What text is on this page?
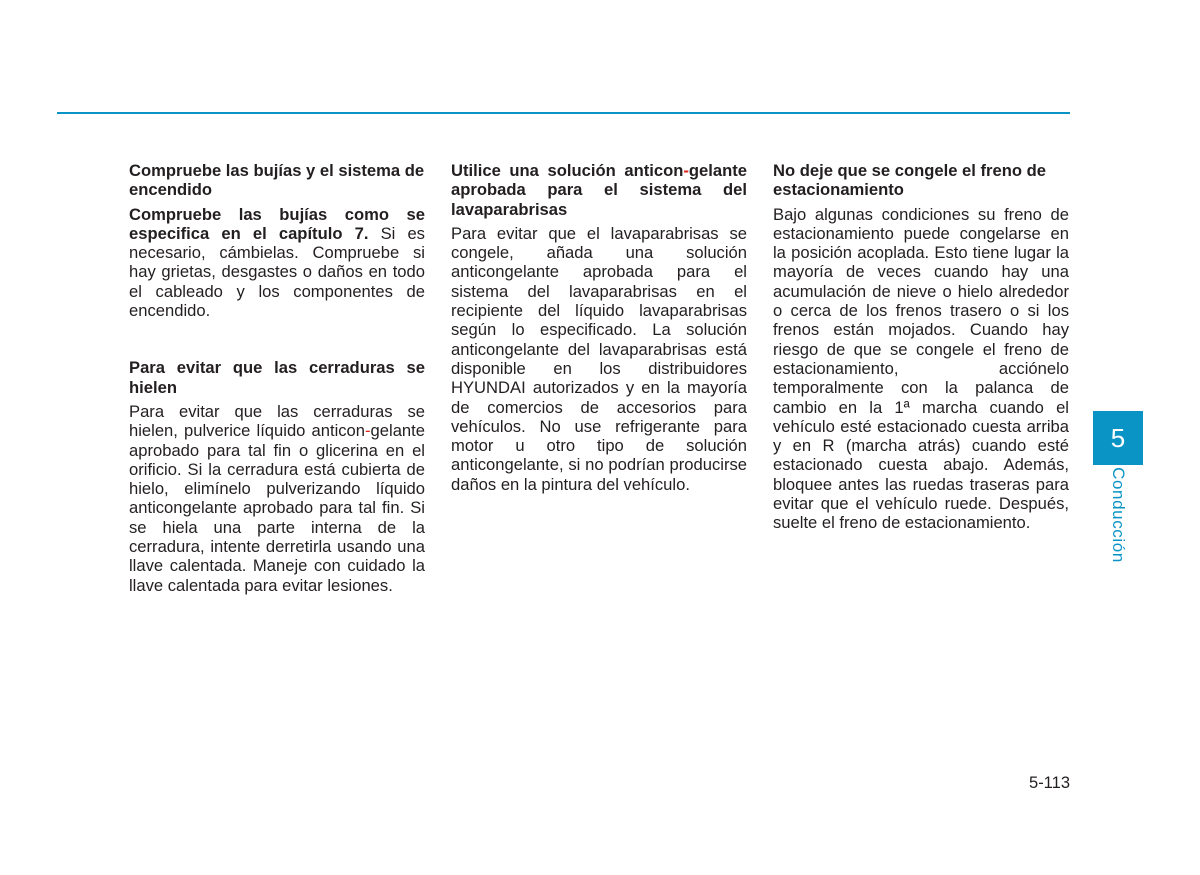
Compruebe las bujías y el sistema de encendido

Compruebe las bujías como se especifica en el capítulo 7. Si es necesario, cámbielas. Compruebe si hay grietas, desgastes o daños en todo el cableado y los componentes de encendido.

Para evitar que las cerraduras se hielen

Para evitar que las cerraduras se hielen, pulverice líquido anticon-gelante aprobado para tal fin o glicerina en el orificio. Si la cerradura está cubierta de hielo, elimínelo pulverizando líquido anticongelante aprobado para tal fin. Si se hiela una parte interna de la cerradura, intente derretirla usando una llave calentada. Maneje con cuidado la llave calentada para evitar lesiones.

Utilice una solución anticon-gelante aprobada para el sistema del lavaparabrisas

Para evitar que el lavaparabrisas se congele, añada una solución anticongelante aprobada para el sistema del lavaparabrisas en el recipiente del líquido lavaparabrisas según lo especificado. La solución anticongelante del lavaparabrisas está disponible en los distribuidores HYUNDAI autorizados y en la mayoría de comercios de accesorios para vehículos. No use refrigerante para motor u otro tipo de solución anticongelante, si no podrían producirse daños en la pintura del vehículo.

No deje que se congele el freno de estacionamiento

Bajo algunas condiciones su freno de estacionamiento puede congelarse en la posición acoplada. Esto tiene lugar la mayoría de veces cuando hay una acumulación de nieve o hielo alrededor o cerca de los frenos trasero o si los frenos están mojados. Cuando hay riesgo de que se congele el freno de estacionamiento, acciónelo temporalmente con la palanca de cambio en la 1ª marcha cuando el vehículo esté estacionado cuesta arriba y en R (marcha atrás) cuando esté estacionado cuesta abajo. Además, bloquee antes las ruedas traseras para evitar que el vehículo ruede. Después, suelte el freno de estacionamiento.

5
Conducción
5-113
